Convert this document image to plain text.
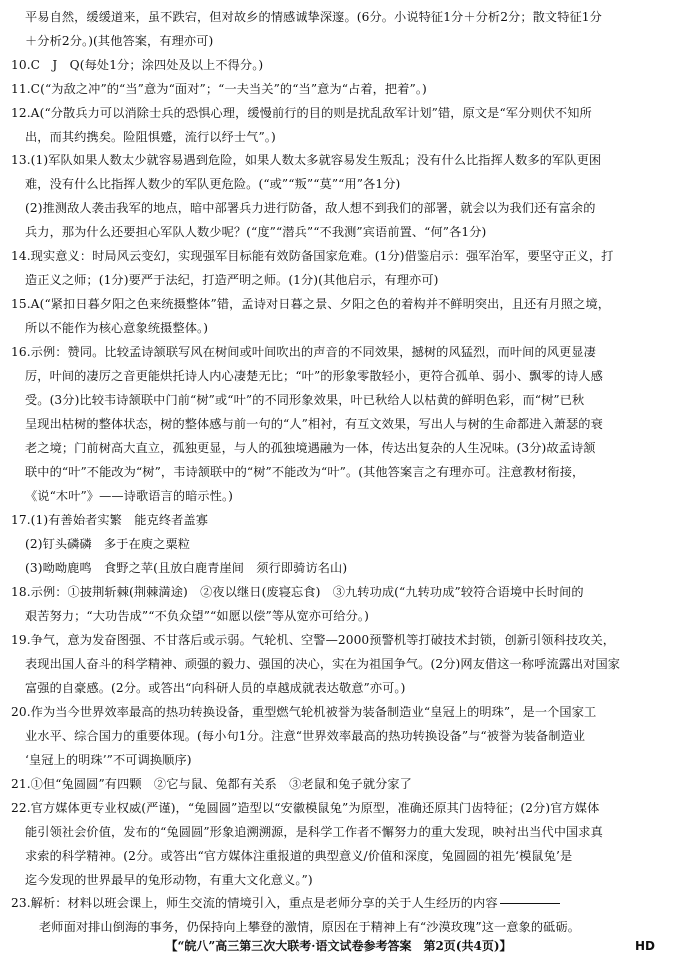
平易自然，缓缓道来，虽不跌宕，但对故乡的情感诚挚深邃。(6分。小说特征1分＋分析2分；散文特征1分
＋分析2分。)(其他答案，有理亦可)
10.C　J　Q(每处1分；涂四处及以上不得分。)
11.C(“为敌之冲”的“当”意为“面对”；“一夫当关”的“当”意为“占着，把着”。)
12.A(“分散兵力可以消除士兵的恐惧心理，缓慢前行的目的则是扰乱敌军计划”错，原文是“军分则伏不知所
出，而其约携矣。险阻惧蹙，流行以纾士气”。)
13.(1)军队如果人数太少就容易遇到危险，如果人数太多就容易发生叛乱；没有什么比指挥人数多的军队更困
难，没有什么比指挥人数少的军队更危险。(“或”“叛”“莫”“用”各1分)
(2)推测敌人袭击我军的地点，暗中部署兵力进行防备，敌人想不到我们的部署，就会以为我们还有富余的
兵力，那为什么还要担心军队人数少呢？(“度”“潜兵”“不我测”宾语前置、“何”各1分)
14.现实意义：时局风云变幻，实现强军目标能有效防备国家危难。(1分)借鉴启示：强军治军，要坚守正义，打
造正义之师；(1分)要严于法纪，打造严明之师。(1分)(其他启示，有理亦可)
15.A(“紧扣日暮夕阳之色来统摄整体”错，孟诗对日暮之景、夕阳之色的着构并不鲜明突出，且还有月照之境，
所以不能作为核心意象统摄整体。)
16.示例：赞同。比较孟诗颔联写风在树间或叶间吹出的声音的不同效果，撼树的风猛烈，而叶间的风更显凄
厉，叶间的凄厉之音更能烘托诗人内心凄楚无比；“叶”的形象零散轻小，更符合孤单、弱小、飘零的诗人感
受。(3分)比较韦诗颔联中门前“树”或“叶”的不同形象效果，叶已秋给人以枯黄的鲜明色彩，而“树”已秋
呈现出枯树的整体状态，树的整体感与前一句的“人”相衬，有互文效果，写出人与树的生命都进入萧瑟的衰
老之境；门前树高大直立，孤独更显，与人的孤独境遇融为一体，传达出复杂的人生况味。(3分)故孟诗颔
联中的“叶”不能改为“树”，韦诗颔联中的“树”不能改为“叶”。(其他答案言之有理亦可。注意教材衔接，
《说“木叶”》——诗歌语言的暗示性。)
17.(1)有善始者实繁　能克终者盖寡
(2)钉头磷磷　多于在庾之粟粒
(3)呦呦鹿鸣　食野之苹(且放白鹿青崖间　须行即骑访名山)
18.示例：①披荆斩棘(荆棘満途)　②夜以继日(废寝忘食)　③九转功成(“九转功成”较符合语境中长时间的
艰苦努力；“大功告成”“不负众望”“如愿以偿”等从宽亦可给分。)
19.争气，意为发奋图强、不甘落后或示弱。气轮机、空警—2000预警机等打破技术封锁，创新引领科技攻关，
表现出国人奋斗的科学精神、顽强的毅力、强国的决心，实在为祖国争气。(2分)网友借这一称呼流露出对国家
富强的自豪感。(2分。或答出“向科研人员的卓越成就表达敬意”亦可。)
20.作为当今世界效率最高的热功转换设备，重型燃气轮机被誉为装备制造业“皇冠上的明珠”，是一个国家工
业水平、综合国力的重要体现。(每小句1分。注意“世界效率最高的热功转换设备”与“被誉为装备制造业
‘皇冠上的明珠’”不可调换顺序)
21.①但“兔圆圆”有四颗　②它与鼠、兔都有关系　③老鼠和兔子就分家了
22.官方媒体更专业权威(严谨)，“兔圆圆”造型以“安徽模鼠兔”为原型，准确还原其门齿特征；(2分)官方媒体
能引领社会价值，发布的“兔圆圆”形象追溯溯源，是科学工作者不懈努力的重大发现，映衬出当代中国求真
求索的科学精神。(2分。或答出“官方媒体注重报道的典型意义/价值和深度，兔圆圆的祖先‘模鼠兔’是
迄今发现的世界最早的兔形动物，有重大文化意义。”)
23.解析：材料以班会课上，师生交流的情境引入，重点是老师分享的关于人生经历的内容
老师面对排山倒海的事务，仍保持向上攀登的激情，原因在于精神上有“沙漠玫瑰”这一意象的砥砺。
【“皖八”高三第三次大联考·语文试卷参考答案　第2页(共4页)】	HD
